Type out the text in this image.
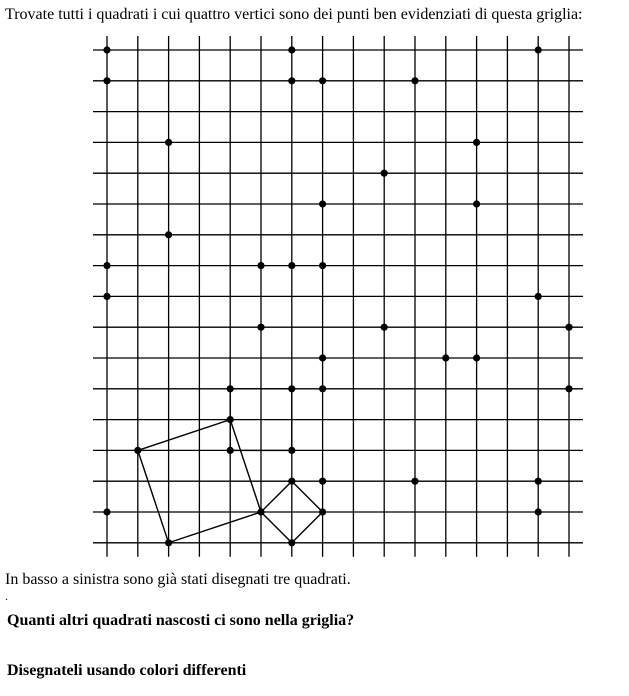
Trovate tutti i quadrati i cui quattro vertici sono dei punti ben evidenziati di questa griglia:
In basso a sinistra sono già stati disegnati tre quadrati.
.
Quanti altri quadrati nascosti ci sono nella griglia?
Disegnateli usando colori differenti
